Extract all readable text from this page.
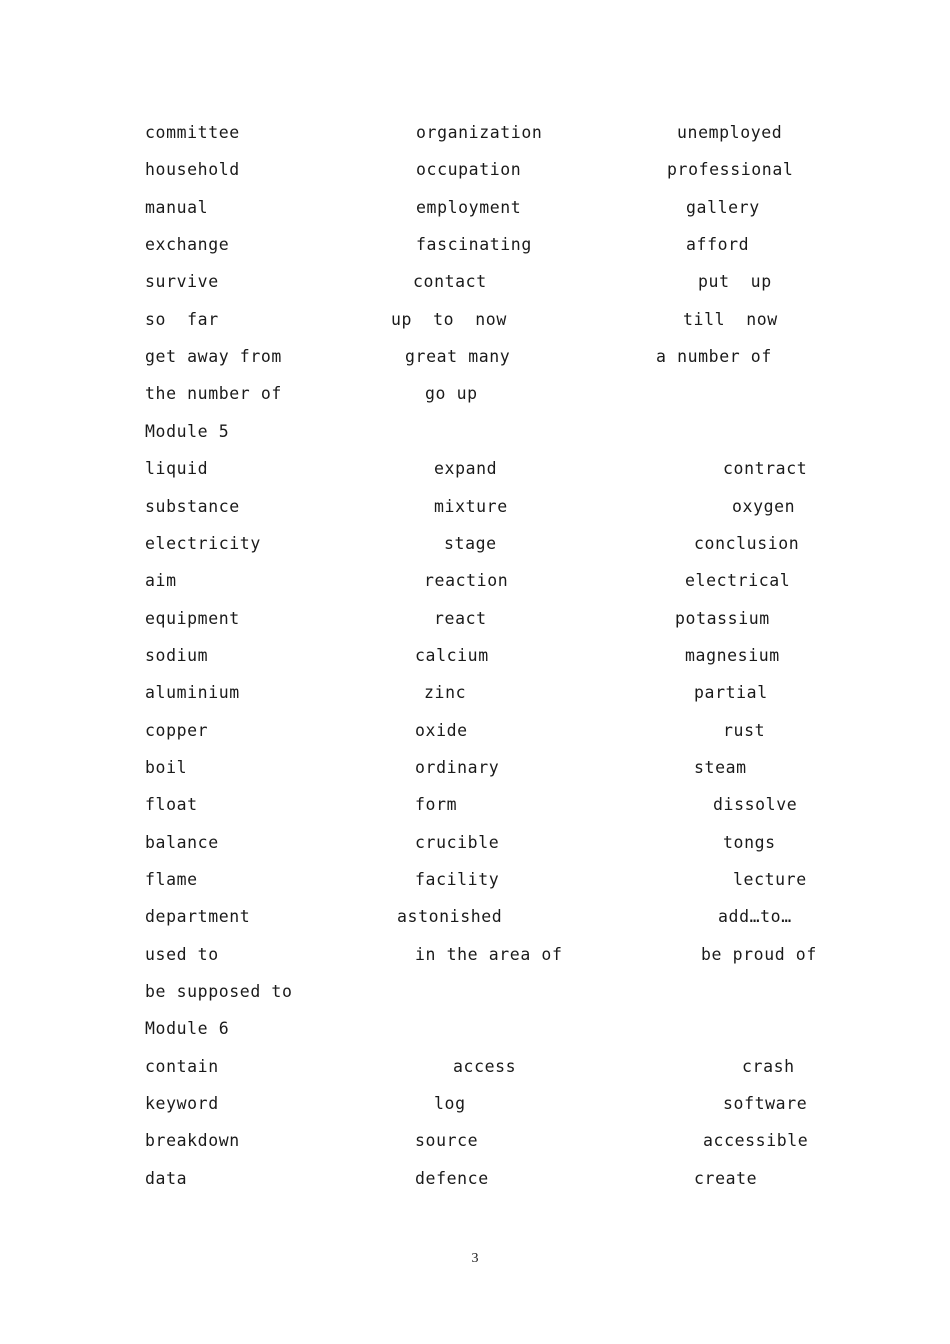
committee	organization	unemployed
household	occupation	professional
manual	employment	gallery
exchange	fascinating	afford
survive	contact	put  up
so  far	up  to  now	till  now
get away from	great many	a number of
the number of	go up
Module 5
liquid	expand	contract
substance	mixture	oxygen
electricity	stage	conclusion
aim	reaction	electrical
equipment	react	potassium
sodium	calcium	magnesium
aluminium	zinc	partial
copper	oxide	rust
boil	ordinary	steam
float	form	dissolve
balance	crucible	tongs
flame	facility	lecture
department	astonished	add…to…
used to	in the area of	be proud of
be supposed to
Module 6
contain	access	crash
keyword	log	software
breakdown	source	accessible
data	defence	create
3
